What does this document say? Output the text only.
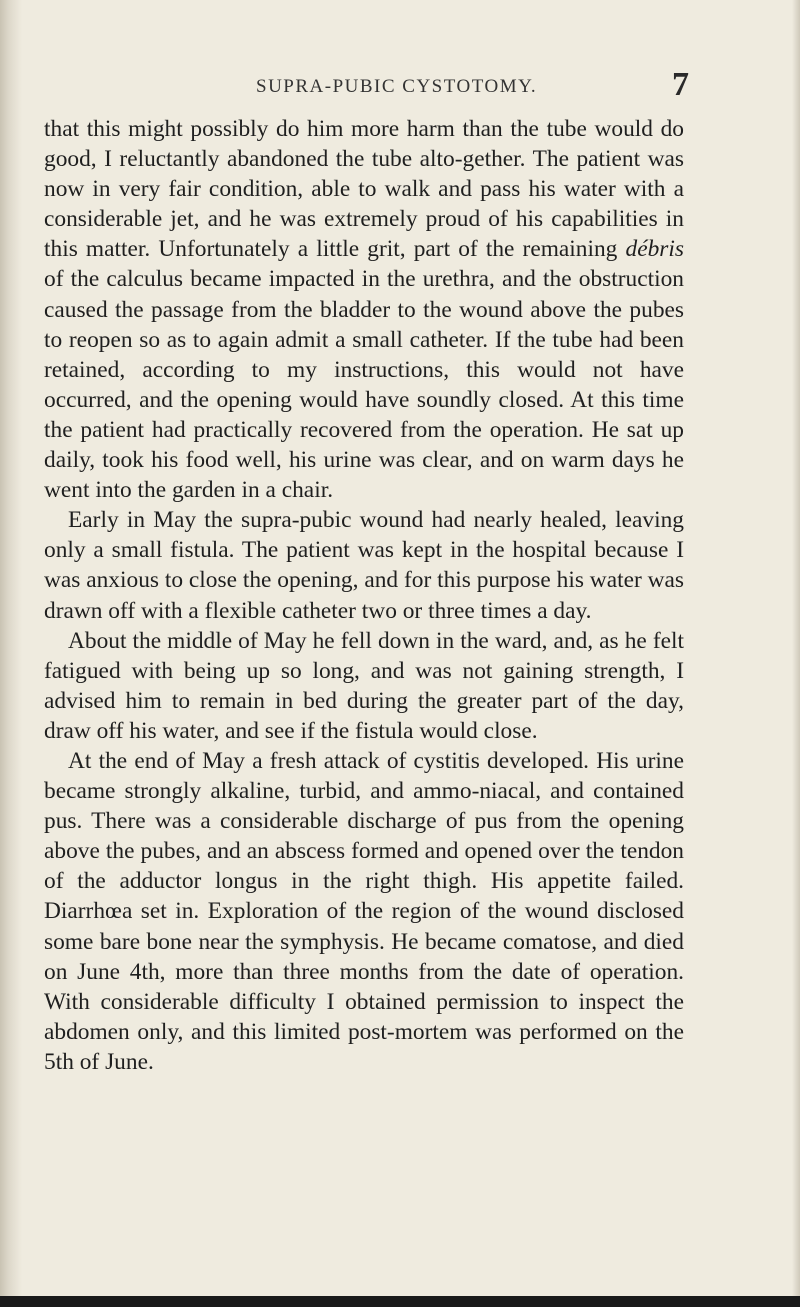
SUPRA-PUBIC CYSTOTOMY.	7

that this might possibly do him more harm than the tube would do good, I reluctantly abandoned the tube alto-gether. The patient was now in very fair condition, able to walk and pass his water with a considerable jet, and he was extremely proud of his capabilities in this matter. Unfortunately a little grit, part of the remaining débris of the calculus became impacted in the urethra, and the obstruction caused the passage from the bladder to the wound above the pubes to reopen so as to again admit a small catheter. If the tube had been retained, according to my instructions, this would not have occurred, and the opening would have soundly closed. At this time the patient had practically recovered from the operation. He sat up daily, took his food well, his urine was clear, and on warm days he went into the garden in a chair.

Early in May the supra-pubic wound had nearly healed, leaving only a small fistula. The patient was kept in the hospital because I was anxious to close the opening, and for this purpose his water was drawn off with a flexible catheter two or three times a day.

About the middle of May he fell down in the ward, and, as he felt fatigued with being up so long, and was not gaining strength, I advised him to remain in bed during the greater part of the day, draw off his water, and see if the fistula would close.

At the end of May a fresh attack of cystitis developed. His urine became strongly alkaline, turbid, and ammo-niacal, and contained pus. There was a considerable discharge of pus from the opening above the pubes, and an abscess formed and opened over the tendon of the adductor longus in the right thigh. His appetite failed. Diarrhœa set in. Exploration of the region of the wound disclosed some bare bone near the symphysis. He became comatose, and died on June 4th, more than three months from the date of operation. With considerable difficulty I obtained permission to inspect the abdomen only, and this limited post-mortem was performed on the 5th of June.
